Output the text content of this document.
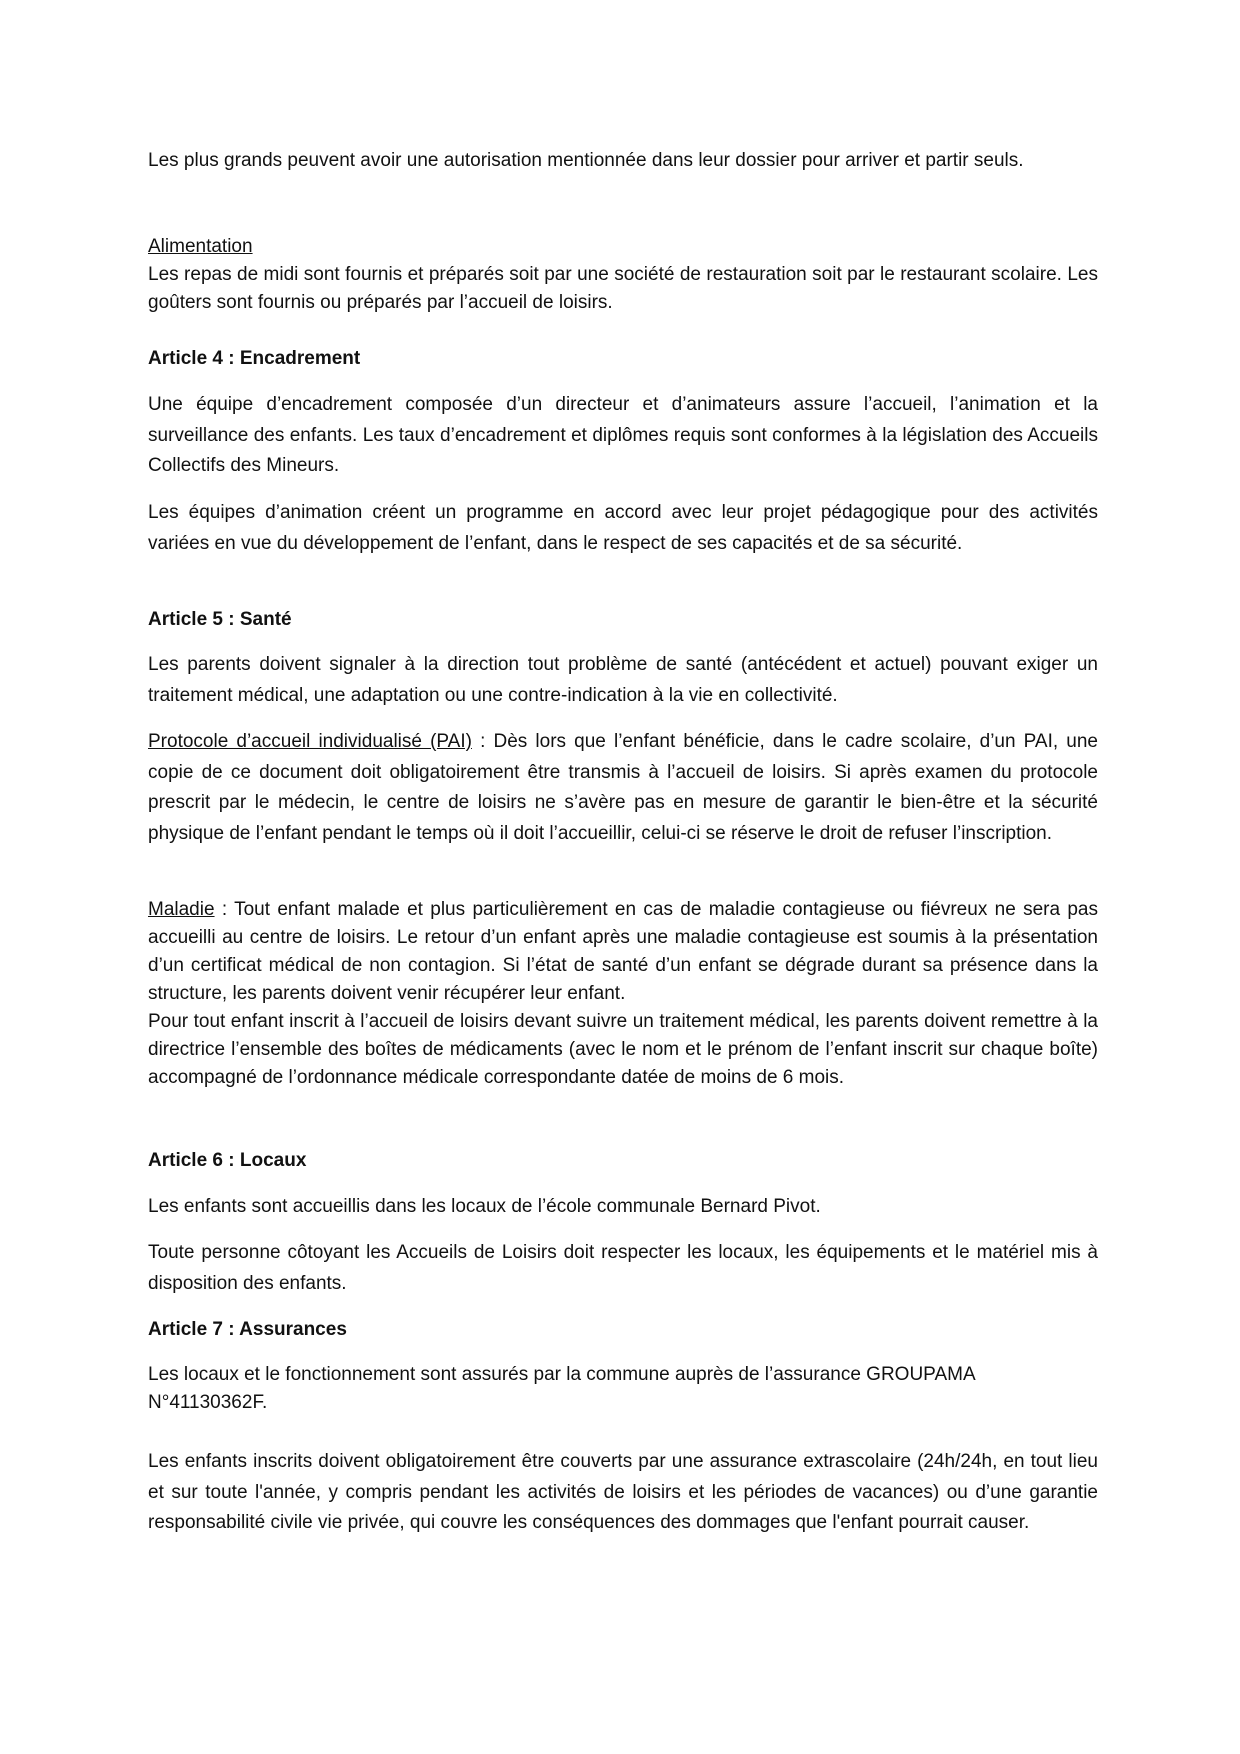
Les plus grands peuvent avoir une autorisation mentionnée dans leur dossier pour arriver et partir seuls.

Alimentation

Les repas de midi sont fournis et préparés soit par une société de restauration soit par le restaurant scolaire. Les goûters sont fournis ou préparés par l’accueil de loisirs.

Article 4 : Encadrement

Une équipe d’encadrement composée d’un directeur et d’animateurs assure l’accueil, l’animation et la surveillance des enfants. Les taux d’encadrement et diplômes requis sont conformes à la législation des Accueils Collectifs des Mineurs.

Les équipes d’animation créent un programme en accord avec leur projet pédagogique pour des activités variées en vue du développement de l’enfant, dans le respect de ses capacités et de sa sécurité.

Article 5 : Santé

Les parents doivent signaler à la direction tout problème de santé (antécédent et actuel) pouvant exiger un traitement médical, une adaptation ou une contre-indication à la vie en collectivité.

Protocole d’accueil individualisé (PAI) : Dès lors que l’enfant bénéficie, dans le cadre scolaire, d’un PAI, une copie de ce document doit obligatoirement être transmis à l’accueil de loisirs. Si après examen du protocole prescrit par le médecin, le centre de loisirs ne s’avère pas en mesure de garantir le bien-être et la sécurité physique de l’enfant pendant le temps où il doit l’accueillir, celui-ci se réserve le droit de refuser l’inscription.

Maladie : Tout enfant malade et plus particulièrement en cas de maladie contagieuse ou fiévreux ne sera pas accueilli au centre de loisirs. Le retour d’un enfant après une maladie contagieuse est soumis à la présentation d’un certificat médical de non contagion. Si l’état de santé d’un enfant se dégrade durant sa présence dans la structure, les parents doivent venir récupérer leur enfant.

Pour tout enfant inscrit à l’accueil de loisirs devant suivre un traitement médical, les parents doivent remettre à la directrice l’ensemble des boîtes de médicaments (avec le nom et le prénom de l’enfant inscrit sur chaque boîte) accompagné de l’ordonnance médicale correspondante datée de moins de 6 mois.

Article 6 : Locaux

Les enfants sont accueillis dans les locaux de l’école communale Bernard Pivot.

Toute personne côtoyant les Accueils de Loisirs doit respecter les locaux, les équipements et le matériel mis à disposition des enfants.

Article 7 : Assurances

Les locaux et le fonctionnement sont assurés par la commune auprès de l’assurance GROUPAMA N°41130362F.

Les enfants inscrits doivent obligatoirement être couverts par une assurance extrascolaire (24h/24h, en tout lieu et sur toute l'année, y compris pendant les activités de loisirs et les périodes de vacances) ou d’une garantie responsabilité civile vie privée, qui couvre les conséquences des dommages que l'enfant pourrait causer.
